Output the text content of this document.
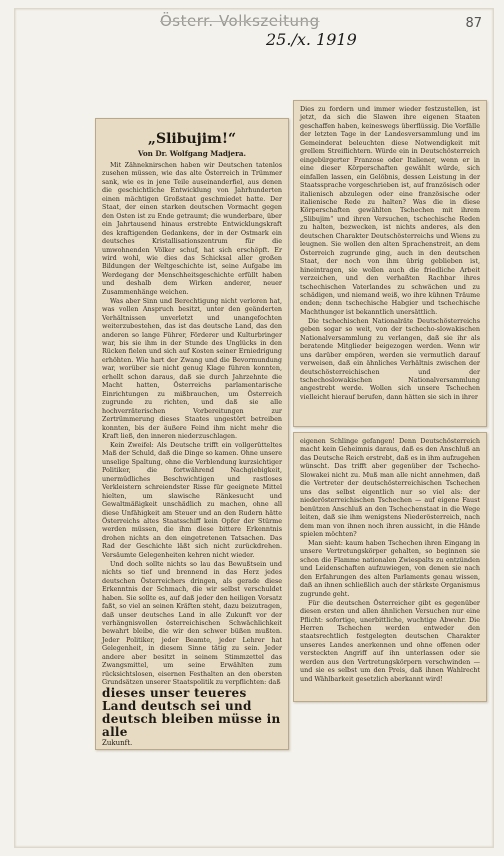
Österr. Volkszeitung	87
25./x. 1919
„Slibujim!“
Von Dr. Wolfgang Madjera.

Mit Zähneknirschen haben wir Deutschen tatenlos zusehen müssen, wie das alte Österreich in Trümmer sank, wie es in jene Teile auseinanderfiel, aus denen die geschichtliche Entwicklung von Jahrhunderten einen mächtigen Großstaat geschmiedet hatte. Der Staat, der einen starken deutschen Vormacht gegen den Osten ist zu Ende getraumt; die wunderbare, über ein Jahrtausend hinaus erstrebte Entwicklungskraft des kraftigenden Gedankens, der in der Ostmark ein deutsches Kristallisationszentrum für die umwohnenden Völker schuf, hat sich erschöpft. Er wird wohl, wie dies das Schicksal aller großen Bildungen der Weltgeschichte ist, seine Aufgabe im Werdegang der Menschheitsgeschichte erfüllt haben und deshalb dem Wirken anderer, neuer Zusammenhänge weichen.

Was aber Sinn und Berechtigung nicht verloren hat, was vollen Anspruch besitzt, unter den geänderten Verhältnissen unverletzt und unangefochten weiterzubestehen, das ist das deutsche Land, das den anderen so lange Führer, Förderer und Kulturbringer war, bis sie ihm in der Stunde des Unglücks in den Rücken fielen und sich auf Kosten seiner Erniedrigung erhöhten. Wie hart der Zwang und die Bevormundung war, worüber sie nicht genug Klage führen konnten, erhellt schon daraus, daß sie durch Jahrzehnte die Macht hatten, Österreichs parlamentarische Einrichtungen zu mißbrauchen, um Österreich zugrunde zu richten, und daß sie alle hochverräterischen Vorbereitungen zur Zertrümmerung dieses Staates ungestört betreiben konnten, bis der äußere Feind ihm nicht mehr die Kraft ließ, den inneren niederzuschlagen.

Kein Zweifel: Als Deutsche trifft ein vollgerütteltes Maß der Schuld, daß die Dinge so kamen. Ohne unsere unselige Spaltung, ohne die Verblendung kurzsichtiger Politiker, die fortwährend Nachgiebigkeit, unermüdliches Beschwichtigen und rastloses Verkleistern schreiendster Risse für geeignete Mittel hielten, um slawische Ränkesucht und Gewaltmäßigkeit unschädlich zu machen, ohne all diese Unfähigkeit am Steuer und an den Rudern hätte Österreichs altes Staatsschiff kein Opfer der Stürme werden müssen, die ihm diese bittere Erkenntnis drohen nichts an den eingetretenen Tatsachen. Das Rad der Geschichte läßt sich nicht zurückdrehen. Versäumte Gelegenheiten kehren nicht wieder.

Und doch sollte nichts so lau das Bewußtsein und nichts so tief und brennend in das Herz jedes deutschen Österreichers dringen, als gerade diese Erkenntnis der Schmach, die wir selbst verschuldet haben. Sie sollte es, auf daß jeder den heiligen Vorsatz faßt, so viel an seinen Kräften steht, dazu beizutragen, daß unser deutsches Land in alle Zukunft vor der verhängnisvollen österreichischen Schwächlichkeit bewahrt bleibe, die wir den schwer büßen mußten. Jeder Politiker, jeder Beamte, jeder Lehrer hat Gelegenheit, in diesem Sinne tätig zu sein. Jeder andere aber besitzt in seinem Stimmzettel das Zwangsmittel, um seine Erwählten zum rücksichtslosen, eisernen Festhalten an den obersten Grundsätzen unserer Staatspolitik zu verpflichten: daß

dieses unser teueres Land deutsch sei und deutsch bleiben müsse in alle
Zukunft.

Dies zu fordern und immer wieder festzustellen, ist jetzt, da sich die Slawen ihre eigenen Staaten geschaffen haben, keineswegs überflüssig. Die Vorfälle der letzten Tage in der Landesversammlung und im Gemeinderat beleuchten diese Notwendigkeit mit grellem Streiflichtern. Würde ein in Deutschösterreich eingebürgerter Franzose oder Italiener, wenn er in eine dieser Körperschaften gewählt würde, sich einfallen lassen, ein Gelöbnis, dessen Leistung in der Staatssprache vorgeschrieben ist, auf französisch oder italienisch abzulegen oder eine französische oder italienische Rede zu halten? Was die in diese Körperschaften gewählten Tschechen mit ihrem „Slibujim“ und ihren Versuchen, tschechische Reden zu halten, bezwecken, ist nichts anderes, als den deutschen Charakter Deutschösterreichs und Wiens zu leugnen. Sie wollen den alten Sprachenstreit, an dem Österreich zugrunde ging, auch in den deutschen Staat, der noch von ihm übrig geblieben ist, hineintragen, sie wollen auch die friedliche Arbeit verzeichen, und den verhaßten Rachbar ihres tschechischen Vaterlandes zu schwächen und zu schädigen, und niemand weiß, wo ihre kühnen Träume enden; denn tschechische Habgier und tschechische Machthunger ist bekanntlich unersättlich.

Die tschechischen Nationalräte Deutschösterreichs geben sogar so weit, von der tschecho-slowakischen Nationalversammlung zu verlangen, daß sie ihr als beratende Mitglieder beigezogen werden. Wenn wir uns darüber empören, werden sie vermutlich darauf verweisen, daß ein ähnliches Verhältnis zwischen der deutschösterreichischen und der tschechoslowakischen Nationalversammlung angestrebt werde. Wollen sich unsere Tschechen vielleicht hierauf berufen, dann hätten sie sich in ihrer

eigenen Schlinge gefangen! Denn Deutschösterreich macht kein Geheimnis daraus, daß es den Anschluß an das Deutsche Reich erstrebt, daß es in ihm aufzugehen wünscht. Das trifft aber gegenüber der Tschecho-Slowakei nicht zu. Muß man alle nicht annehmen, daß die Vertreter der deutschösterreichischen Tschechen uns das selbst eigentlich nur so viel als: der niederösterreichischen Tschechen — auf eigene Faust benützen Anschluß an den Tschechenstaat in die Wege leiten, daß sie ihm wenigstens Niederösterreich, nach dem man von ihnen noch ihren aussicht, in die Hände spielen möchten?

Man sieht: kaum haben Tschechen ihren Eingang in unsere Vertretungskörper gehalten, so beginnen sie schon die Flamme nationalen Zwiespalts zu entzünden und Leidenschaften aufzuwiegen, von denen sie nach den Erfahrungen des alten Parlaments genau wissen, daß an ihnen schließlich auch der stärkste Organismus zugrunde geht.

Für die deutschen Österreicher gibt es gegenüber diesen ersten und allen ähnlichen Versuchen nur eine Pflicht: sofortige, unerbittliche, wuchtige Abwehr. Die Herren Tschechen werden entweder den staatsrechtlich festgelegten deutschen Charakter unseres Landes anerkennen und ohne offenen oder versteckten Angriff auf ihn unterlassen oder sie werden aus den Vertretungskörpern verschwinden — und sie es selbst um den Preis, daß ihnen Wahlrecht und Wählbarkeit gesetzlich aberkannt wird!
